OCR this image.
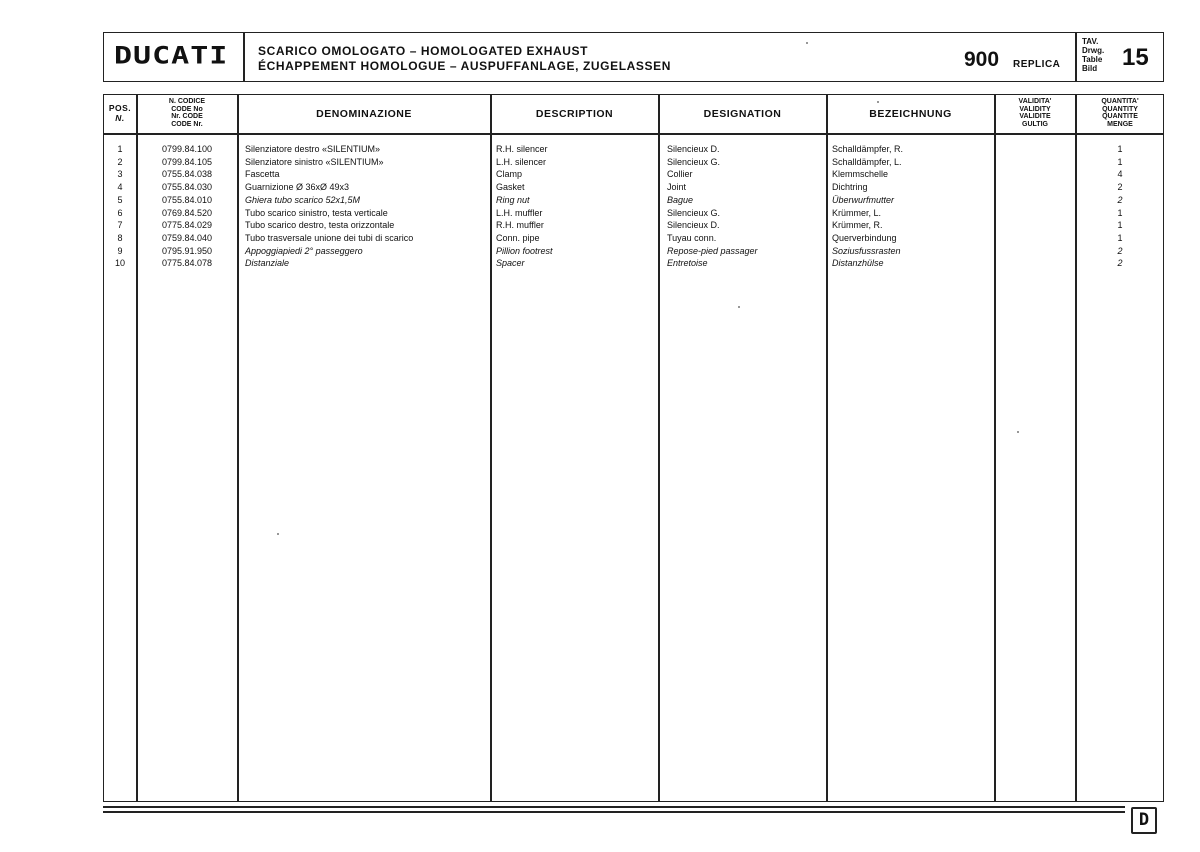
DUCATI	SCARICO OMOLOGATO – HOMOLOGATED EXHAUST
ÉCHAPPEMENT HOMOLOGUE – AUSPUFFANLAGE, ZUGELASSEN	900 REPLICA
TAV.
Drwg.
Table
Bild 15
POS.
N.
N. CODICE
CODE No
Nr. CODE
CODE Nr.
DENOMINAZIONE	DESCRIPTION	DESIGNATION	BEZEICHNUNG
VALIDITA'
VALIDITY
VALIDITE
GULTIG
QUANTITA'
QUANTITY
QUANTITE
MENGE
1	0799.84.100	Silenziatore destro «SILENTIUM»	R.H. silencer	Silencieux D.	Schalldämpfer, R.	1
2	0799.84.105	Silenziatore sinistro «SILENTIUM»	L.H. silencer	Silencieux G.	Schalldämpfer, L.	1
3	0755.84.038	Fascetta	Clamp	Collier	Klemmschelle	4
4	0755.84.030	Guarnizione Ø 36xØ 49x3	Gasket	Joint	Dichtring	2
5	0755.84.010	Ghiera tubo scarico 52x1,5M	Ring nut	Bague	Überwurfmutter	2
6	0769.84.520	Tubo scarico sinistro, testa verticale	L.H. muffler	Silencieux G.	Krümmer, L.	1
7	0775.84.029	Tubo scarico destro, testa orizzontale	R.H. muffler	Silencieux D.	Krümmer, R.	1
8	0759.84.040	Tubo trasversale unione dei tubi di scarico	Conn. pipe	Tuyau conn.	Querverbindung	1
9	0795.91.950	Appoggiapiedi 2° passeggero	Pillion footrest	Repose-pied passager	Soziusfussrasten	2
10	0775.84.078	Distanziale	Spacer	Entretoise	Distanzhülse	2
D
